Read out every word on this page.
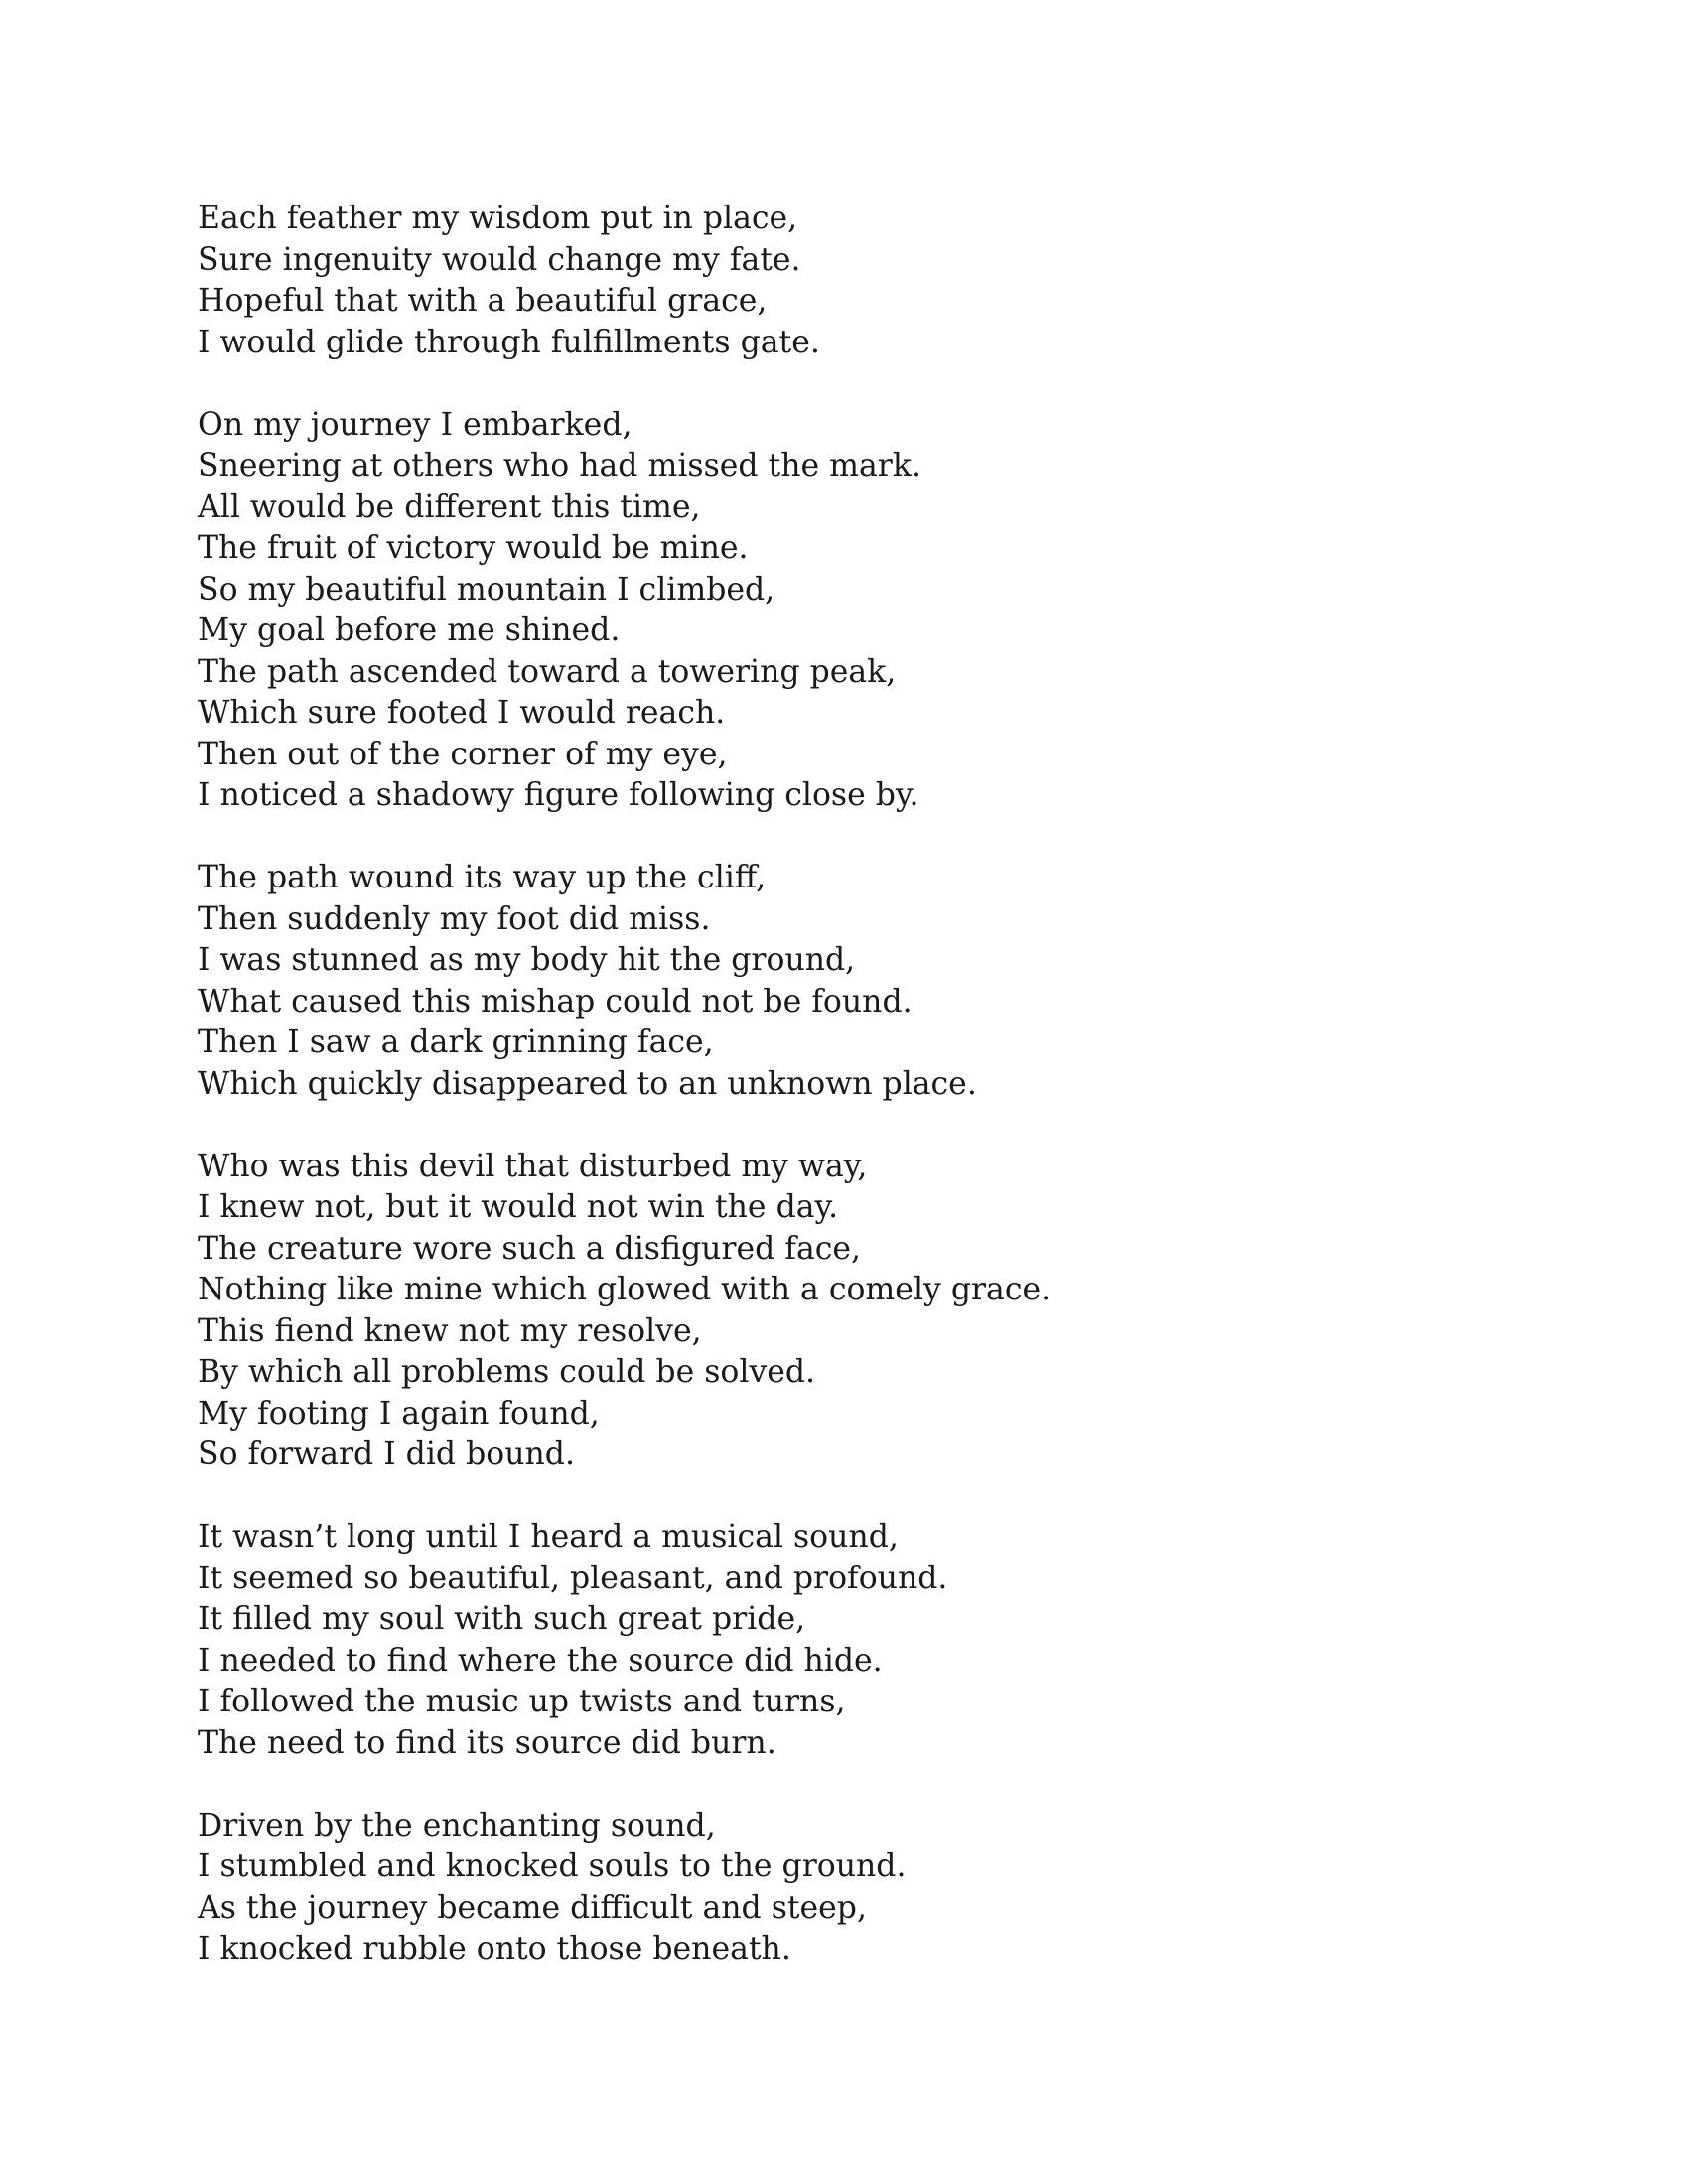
Each feather my wisdom put in place,
Sure ingenuity would change my fate.
Hopeful that with a beautiful grace,
I would glide through fulfillments gate.
On my journey I embarked,
Sneering at others who had missed the mark.
All would be different this time,
The fruit of victory would be mine.
So my beautiful mountain I climbed,
My goal before me shined.
The path ascended toward a towering peak,
Which sure footed I would reach.
Then out of the corner of my eye,
I noticed a shadowy figure following close by.
The path wound its way up the cliff,
Then suddenly my foot did miss.
I was stunned as my body hit the ground,
What caused this mishap could not be found.
Then I saw a dark grinning face,
Which quickly disappeared to an unknown place.
Who was this devil that disturbed my way,
I knew not, but it would not win the day.
The creature wore such a disfigured face,
Nothing like mine which glowed with a comely grace.
This fiend knew not my resolve,
By which all problems could be solved.
My footing I again found,
So forward I did bound.
It wasn’t long until I heard a musical sound,
It seemed so beautiful, pleasant, and profound.
It filled my soul with such great pride,
I needed to find where the source did hide.
I followed the music up twists and turns,
The need to find its source did burn.
Driven by the enchanting sound,
I stumbled and knocked souls to the ground.
As the journey became difficult and steep,
I knocked rubble onto those beneath.
